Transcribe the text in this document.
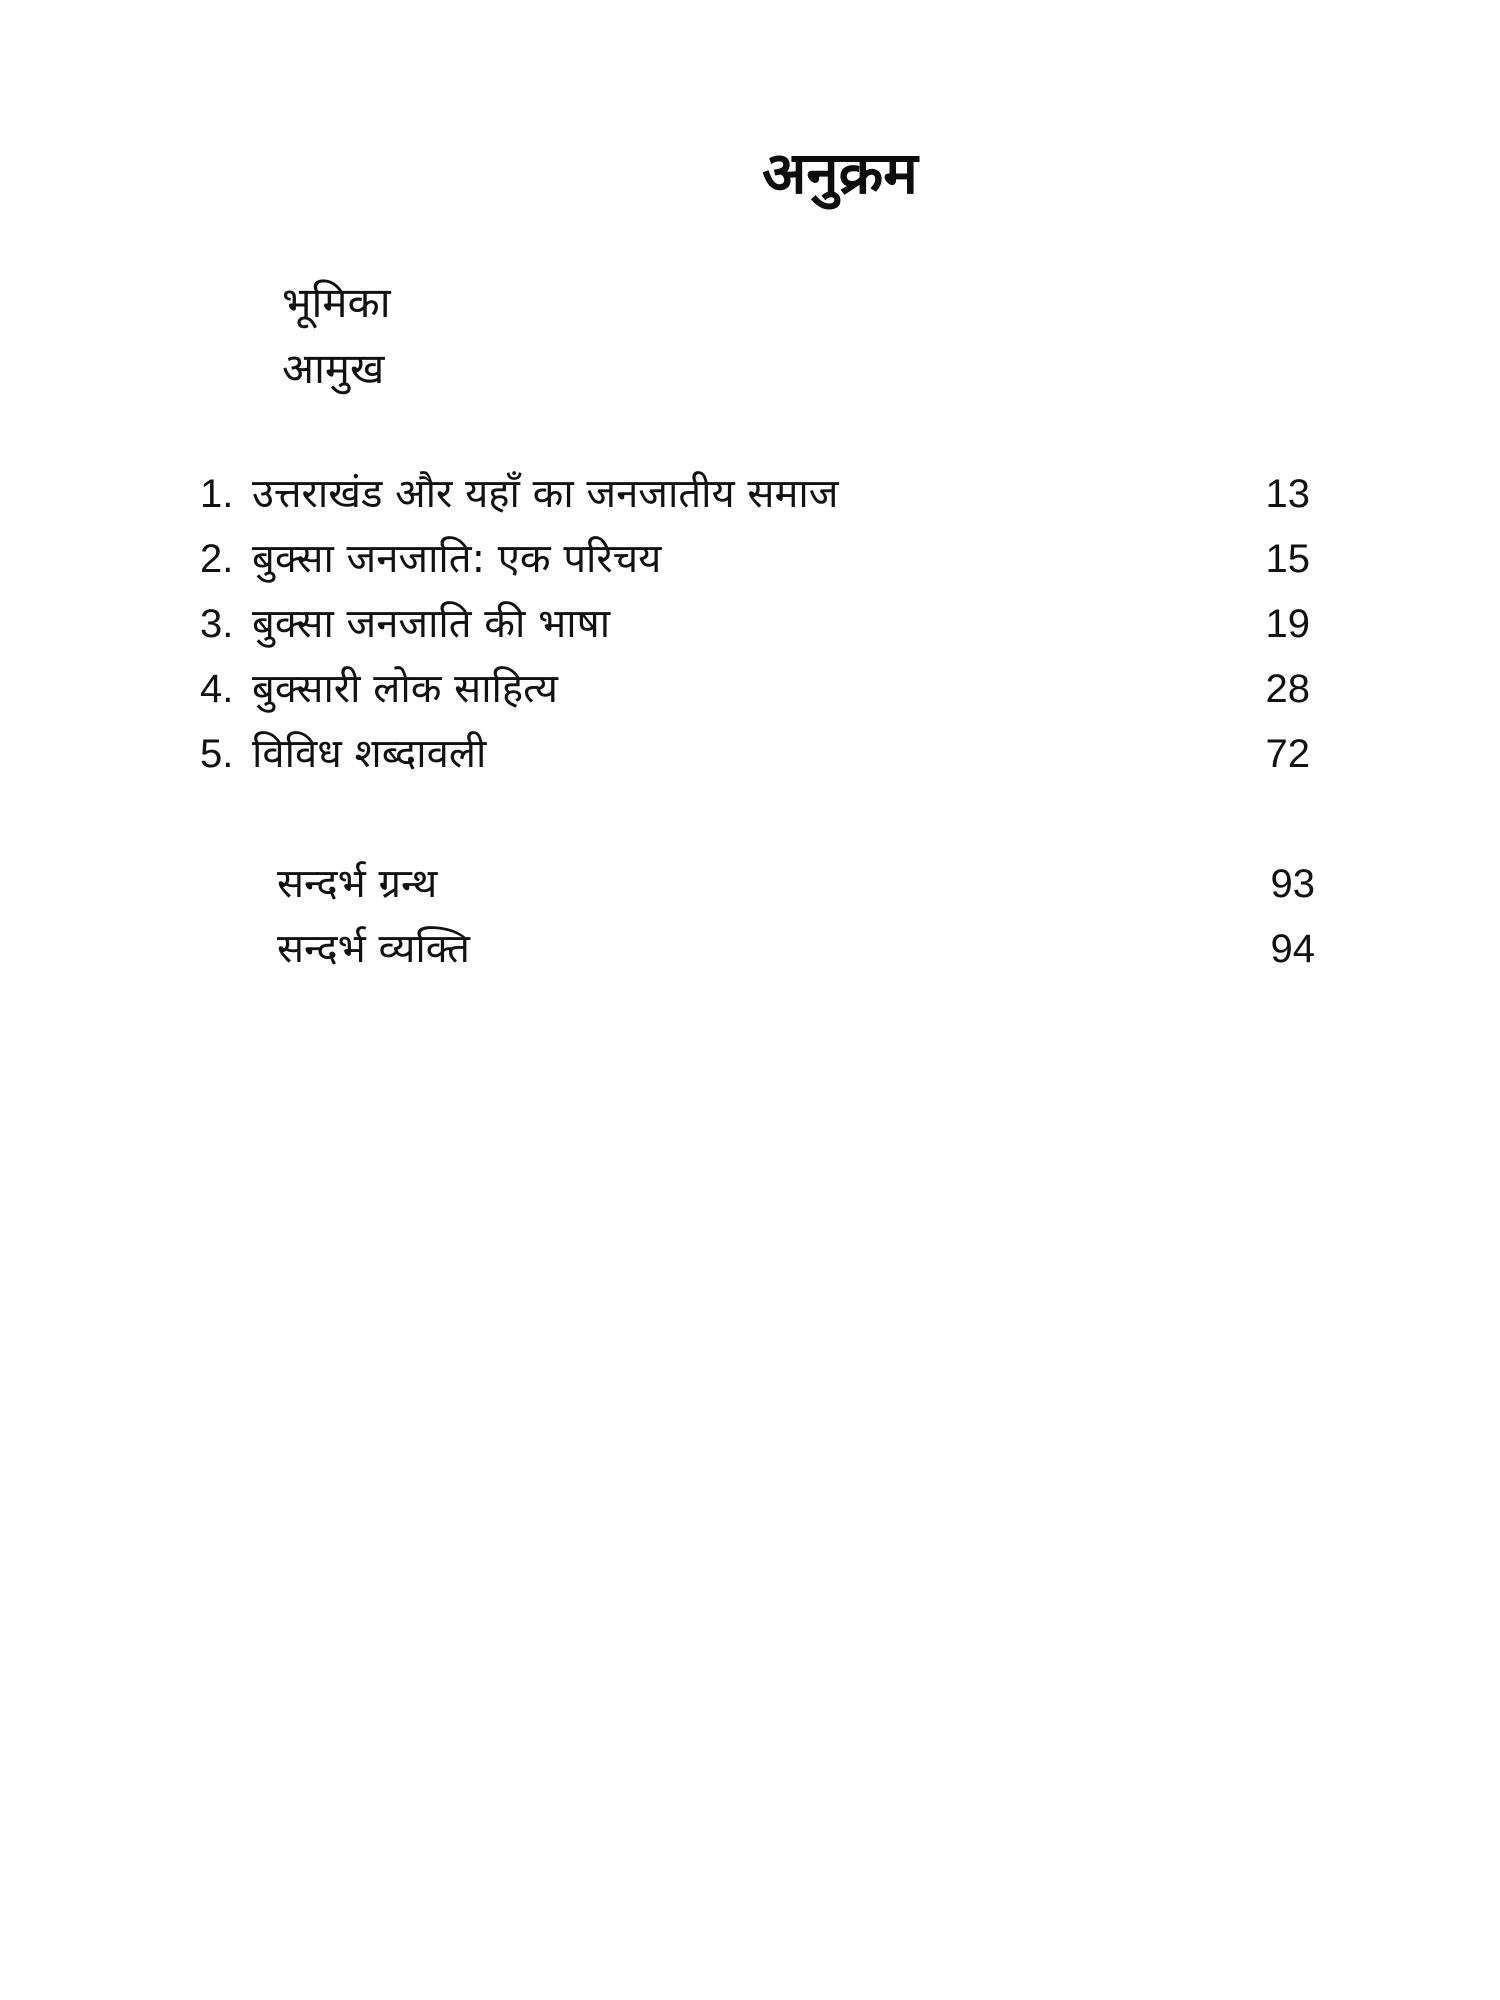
अनुक्रम
भूमिका
आमुख
1. उत्तराखंड और यहाँ का जनजातीय समाज	13
2. बुक्सा जनजाति: एक परिचय	15
3. बुक्सा जनजाति की भाषा	19
4. बुक्सारी लोक साहित्य	28
5. विविध शब्दावली	72
सन्दर्भ ग्रन्थ	93
सन्दर्भ व्यक्ति	94
